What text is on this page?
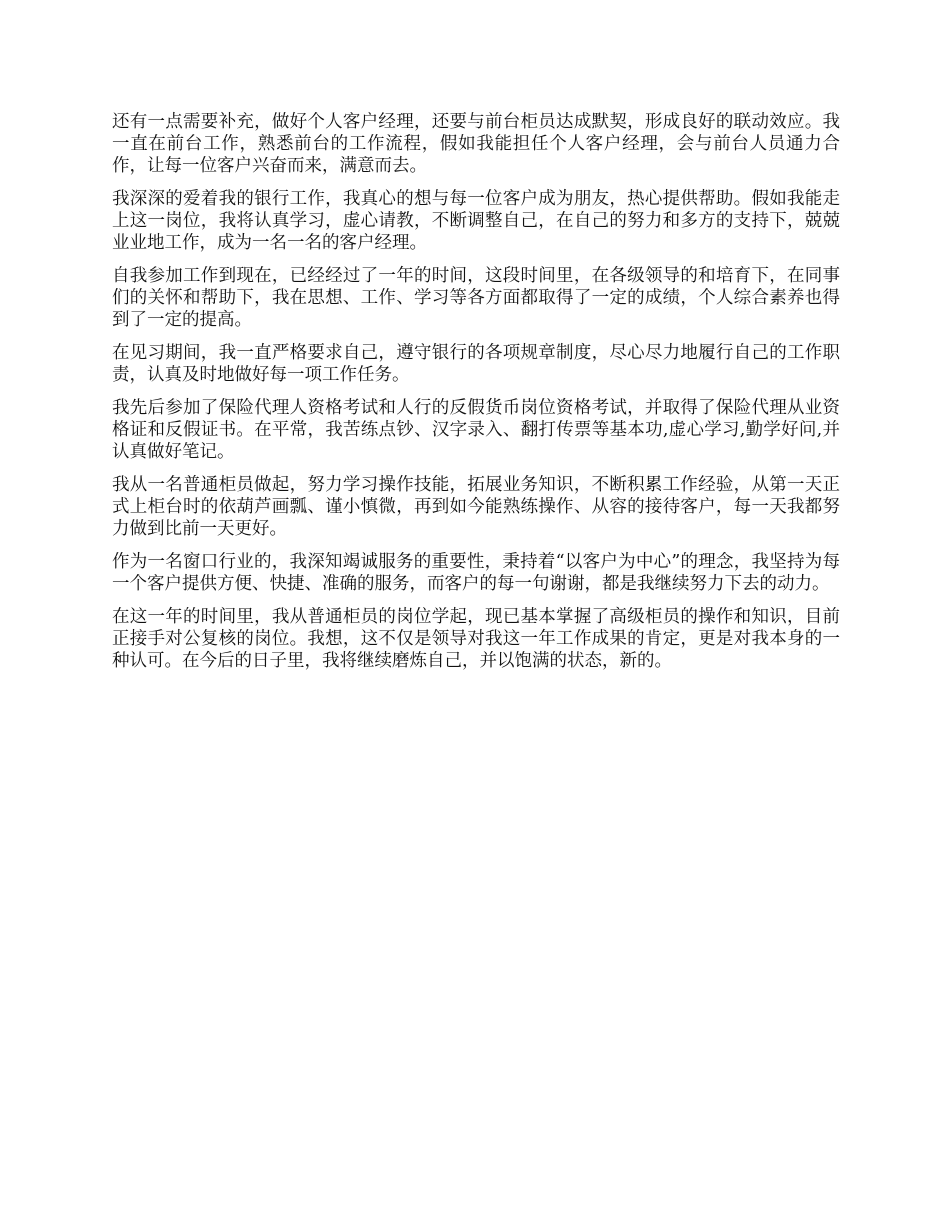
还有一点需要补充，做好个人客户经理，还要与前台柜员达成默契，形成良好的联动效应。我一直在前台工作，熟悉前台的工作流程，假如我能担任个人客户经理，会与前台人员通力合作，让每一位客户兴奋而来，满意而去。

我深深的爱着我的银行工作，我真心的想与每一位客户成为朋友，热心提供帮助。假如我能走上这一岗位，我将认真学习，虚心请教，不断调整自己，在自己的努力和多方的支持下，兢兢业业地工作，成为一名一名的客户经理。

自我参加工作到现在，已经经过了一年的时间，这段时间里，在各级领导的和培育下，在同事们的关怀和帮助下，我在思想、工作、学习等各方面都取得了一定的成绩，个人综合素养也得到了一定的提高。

在见习期间，我一直严格要求自己，遵守银行的各项规章制度，尽心尽力地履行自己的工作职责，认真及时地做好每一项工作任务。

我先后参加了保险代理人资格考试和人行的反假货币岗位资格考试，并取得了保险代理从业资格证和反假证书。在平常，我苦练点钞、汉字录入、翻打传票等基本功,虚心学习,勤学好问,并认真做好笔记。

我从一名普通柜员做起，努力学习操作技能，拓展业务知识，不断积累工作经验，从第一天正式上柜台时的依葫芦画瓢、谨小慎微，再到如今能熟练操作、从容的接待客户，每一天我都努力做到比前一天更好。

作为一名窗口行业的，我深知竭诚服务的重要性，秉持着“以客户为中心”的理念，我坚持为每一个客户提供方便、快捷、准确的服务，而客户的每一句谢谢，都是我继续努力下去的动力。

在这一年的时间里，我从普通柜员的岗位学起，现已基本掌握了高级柜员的操作和知识，目前正接手对公复核的岗位。我想，这不仅是领导对我这一年工作成果的肯定，更是对我本身的一种认可。在今后的日子里，我将继续磨炼自己，并以饱满的状态，新的。
